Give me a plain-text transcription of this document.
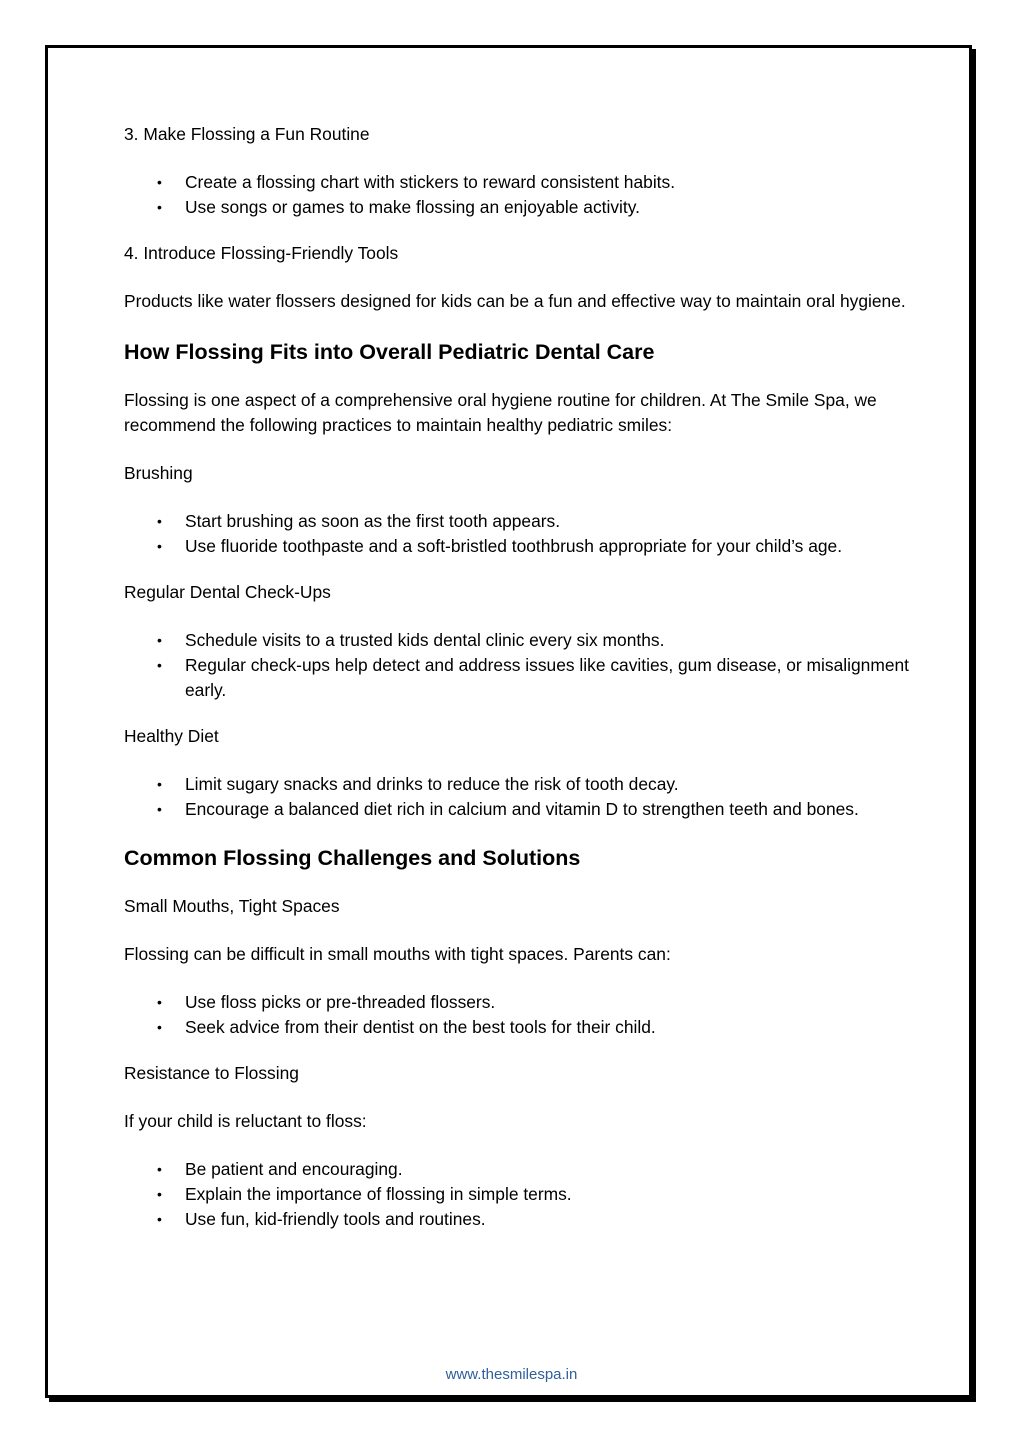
3. Make Flossing a Fun Routine

• Create a flossing chart with stickers to reward consistent habits.
• Use songs or games to make flossing an enjoyable activity.

4. Introduce Flossing-Friendly Tools

Products like water flossers designed for kids can be a fun and effective way to maintain oral hygiene.

How Flossing Fits into Overall Pediatric Dental Care

Flossing is one aspect of a comprehensive oral hygiene routine for children. At The Smile Spa, we recommend the following practices to maintain healthy pediatric smiles:

Brushing

• Start brushing as soon as the first tooth appears.
• Use fluoride toothpaste and a soft-bristled toothbrush appropriate for your child’s age.

Regular Dental Check-Ups

• Schedule visits to a trusted kids dental clinic every six months.
• Regular check-ups help detect and address issues like cavities, gum disease, or misalignment early.

Healthy Diet

• Limit sugary snacks and drinks to reduce the risk of tooth decay.
• Encourage a balanced diet rich in calcium and vitamin D to strengthen teeth and bones.
Common Flossing Challenges and Solutions

Small Mouths, Tight Spaces

Flossing can be difficult in small mouths with tight spaces. Parents can:

• Use floss picks or pre-threaded flossers.
• Seek advice from their dentist on the best tools for their child.

Resistance to Flossing

If your child is reluctant to floss:

• Be patient and encouraging.
• Explain the importance of flossing in simple terms.
• Use fun, kid-friendly tools and routines.
www.thesmilespa.in
